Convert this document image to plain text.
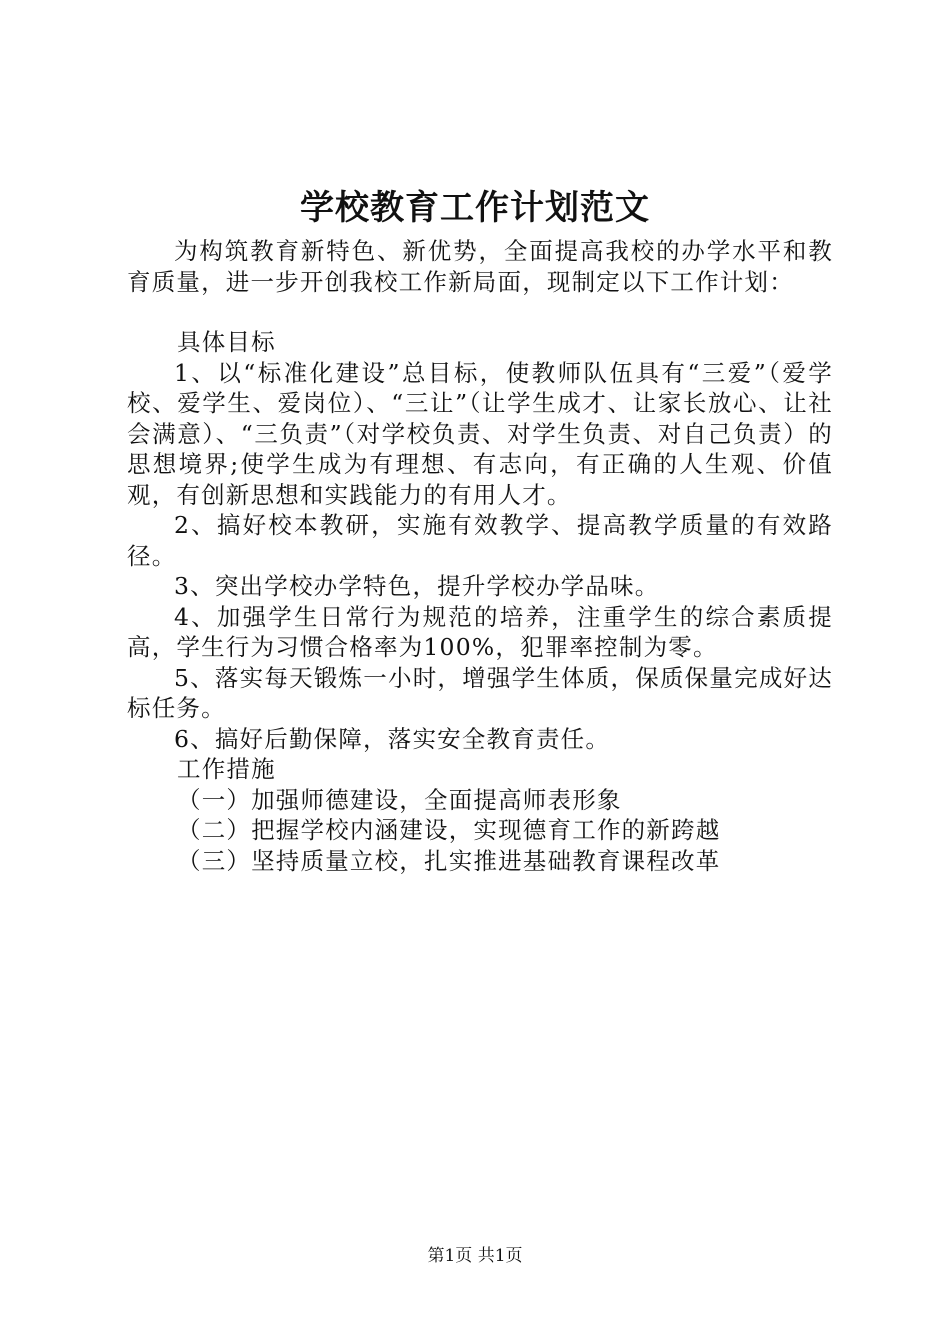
学校教育工作计划范文

为构筑教育新特色、新优势，全面提高我校的办学水平和教育质量，进一步开创我校工作新局面，现制定以下工作计划：

具体目标

1、以“标准化建设”总目标，使教师队伍具有“三爱”（爱学校、爱学生、爱岗位）、“三让”（让学生成才、让家长放心、让社会满意）、“三负责”（对学校负责、对学生负责、对自己负责）的思想境界;使学生成为有理想、有志向，有正确的人生观、价值观，有创新思想和实践能力的有用人才。

2、搞好校本教研，实施有效教学、提高教学质量的有效路径。

3、突出学校办学特色，提升学校办学品味。

4、加强学生日常行为规范的培养，注重学生的综合素质提高，学生行为习惯合格率为100%，犯罪率控制为零。

5、落实每天锻炼一小时，增强学生体质，保质保量完成好达标任务。

6、搞好后勤保障，落实安全教育责任。

工作措施

（一）加强师德建设，全面提高师表形象

（二）把握学校内涵建设，实现德育工作的新跨越

（三）坚持质量立校，扎实推进基础教育课程改革

第1页 共1页
